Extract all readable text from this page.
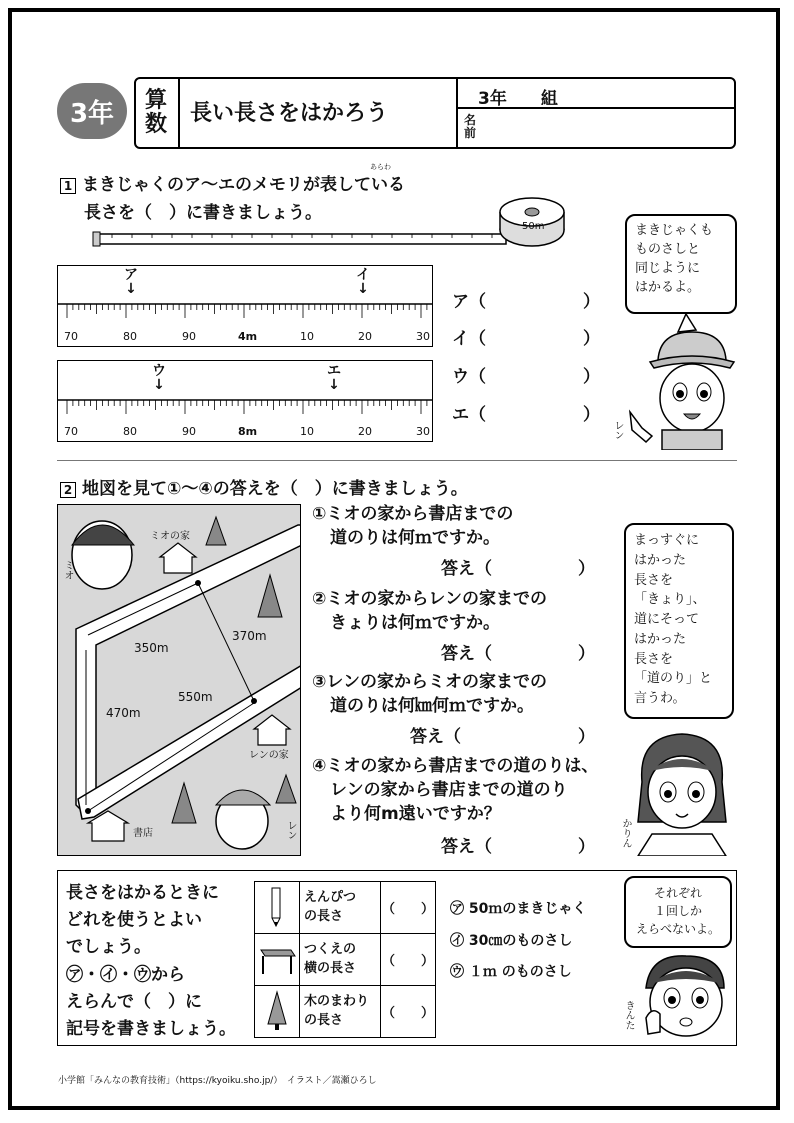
3年 算
数 長い長さをはかろう
3年　　組
名
前
1 まきじゃくのア～エのメモリが表している
あらわ
長さを（　）に書きましょう。
50m
ア
↓
イ
↓
70	80	90	4m	10	20	30
ウ
↓
エ
↓
70	80	90	8m	10	20	30
ア（	）
イ（	）
ウ（	）
エ（	）
まきじゃくも
ものさしと
同じように
はかるよ。
レン
2 地図を見て①～④の答えを（　）に書きましょう。
ミオの家
ミオ
レンの家
レン
書店
350m
370m
470m
550m
①ミオの家から書店までの
道のりは何ｍですか。
答え（	）
②ミオの家からレンの家までの
きょりは何ｍですか。
答え（	）
③レンの家からミオの家までの
道のりは何㎞何ｍですか。
答え（	）
④ミオの家から書店までの道のりは、
レンの家から書店までの道のり
より何m遠いですか？
答え（	）
まっすぐに
はかった
長さを
「きょり」、
道にそって
はかった
長さを
「道のり」と
言うわ。
かりん
長さをはかるときに
どれを使うとよい
でしょう。
㋐・㋑・㋒から
えらんで（　）に
記号を書きましょう。

えんぴつ
の長さ	（　　）

つくえの
横の長さ	（　　）

木のまわり
の長さ	（　　）
㋐ 50ｍのまきじゃく
㋑ 30㎝のものさし
㋒ １ｍ のものさし
それぞれ
１回しか
えらべないよ。
きんた
小学館「みんなの教育技術」（https://kyoiku.sho.jp/）　イラスト／嵩瀬ひろし
